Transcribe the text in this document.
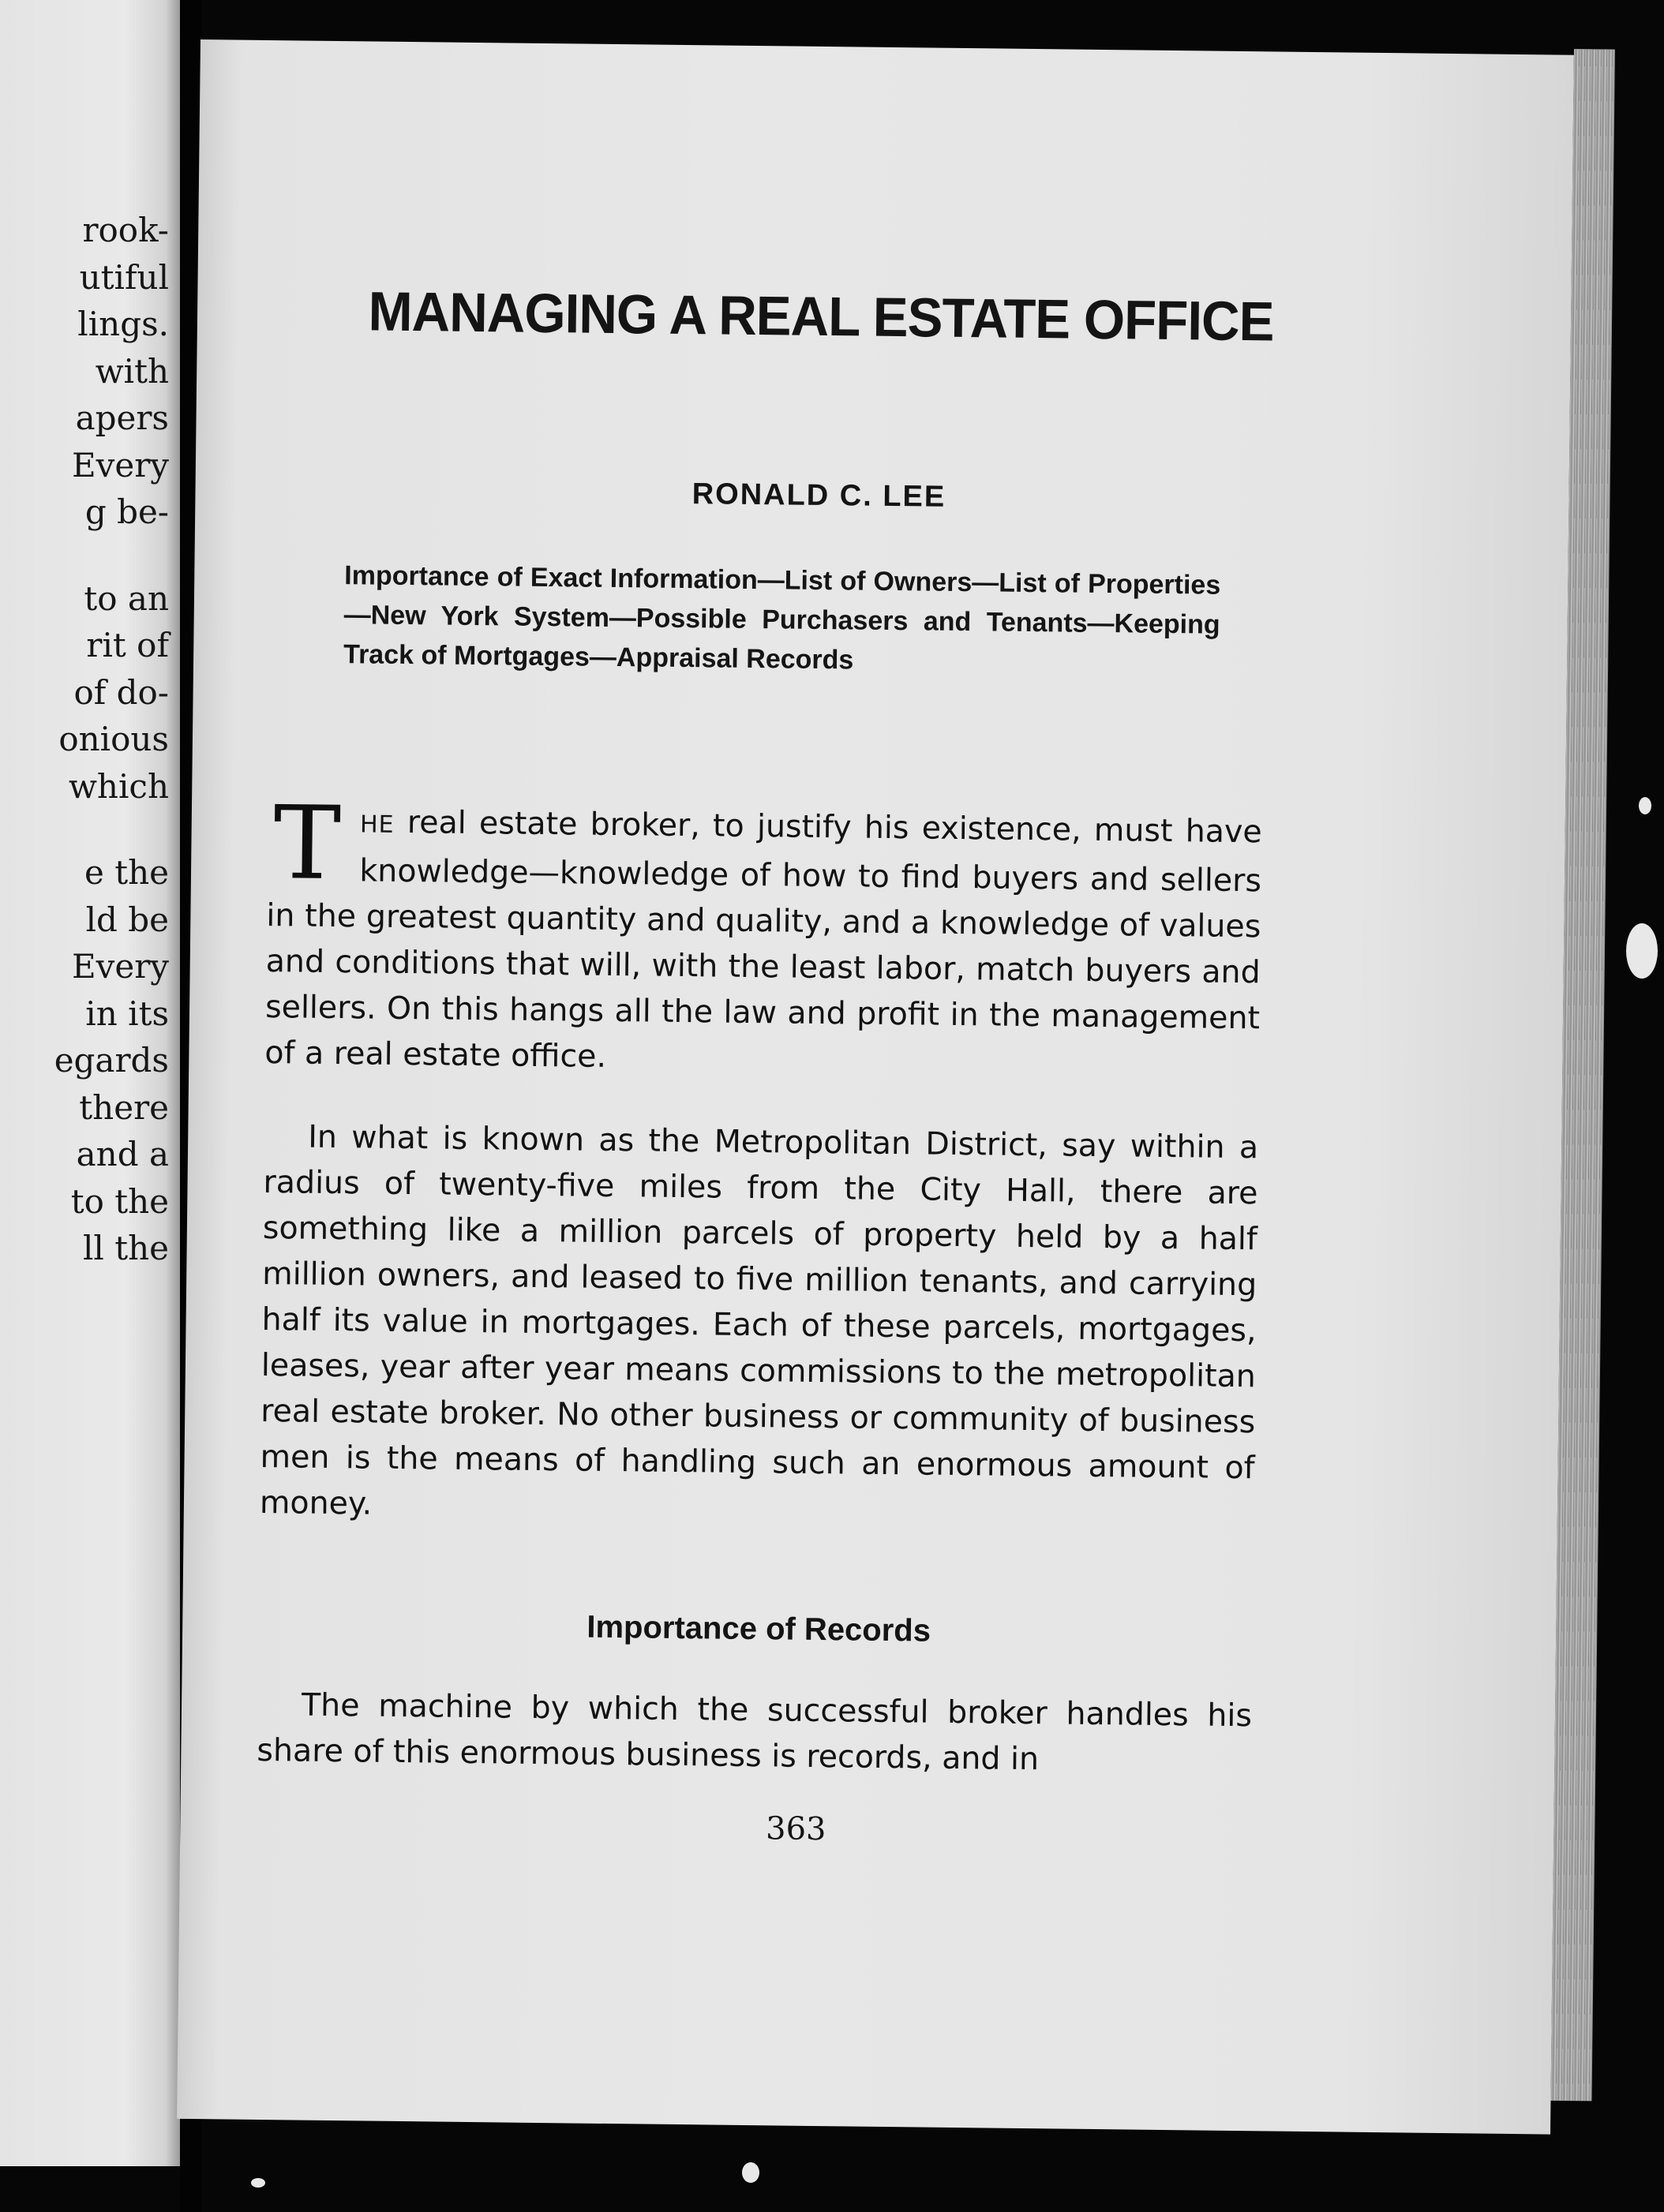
rook-
utiful
lings.
with
apers
Every
g be-
to an
rit of
of do-
onious
which
e the
ld be
Every
in its
egards
there
and a
to the
ll the
MANAGING A REAL ESTATE OFFICE
RONALD C. LEE
Importance of Exact Information—List of Owners—List of Properties—New York System—Possible Purchasers and Tenants—Keeping Track of Mortgages—Appraisal Records
THE real estate broker, to justify his existence, must have knowledge—knowledge of how to find buyers and sellers in the greatest quantity and quality, and a knowledge of values and conditions that will, with the least labor, match buyers and sellers. On this hangs all the law and profit in the management of a real estate office.
In what is known as the Metropolitan District, say within a radius of twenty-five miles from the City Hall, there are something like a million parcels of property held by a half million owners, and leased to five million tenants, and carrying half its value in mortgages. Each of these parcels, mortgages, leases, year after year means commissions to the metropolitan real estate broker. No other business or community of business men is the means of handling such an enormous amount of money.
Importance of Records
The machine by which the successful broker handles his share of this enormous business is records, and in
363
